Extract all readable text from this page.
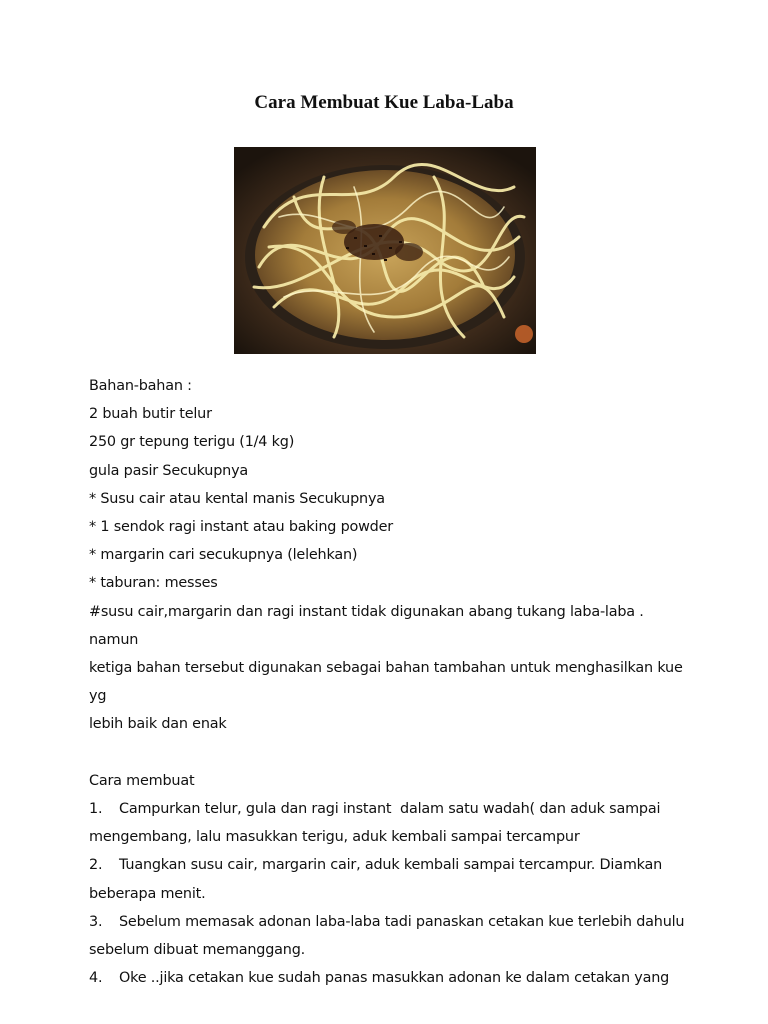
Cara Membuat Kue Laba-Laba

Bahan-bahan :

2 buah butir telur

250 gr tepung terigu (1/4 kg)

gula pasir Secukupnya

* Susu cair atau kental manis Secukupnya

* 1 sendok ragi instant atau baking powder

* margarin cari secukupnya (lelehkan)

* taburan: messes

#susu cair,margarin dan ragi instant tidak digunakan abang tukang laba-laba . namun

ketiga bahan tersebut digunakan sebagai bahan tambahan untuk menghasilkan kue yg

lebih baik dan enak

Cara membuat

1. Campurkan telur, gula dan ragi instant  dalam satu wadah( dan aduk sampai

mengembang, lalu masukkan terigu, aduk kembali sampai tercampur

2. Tuangkan susu cair, margarin cair, aduk kembali sampai tercampur. Diamkan

beberapa menit.

3. Sebelum memasak adonan laba-laba tadi panaskan cetakan kue terlebih dahulu

sebelum dibuat memanggang.

4. Oke ..jika cetakan kue sudah panas masukkan adonan ke dalam cetakan yang
